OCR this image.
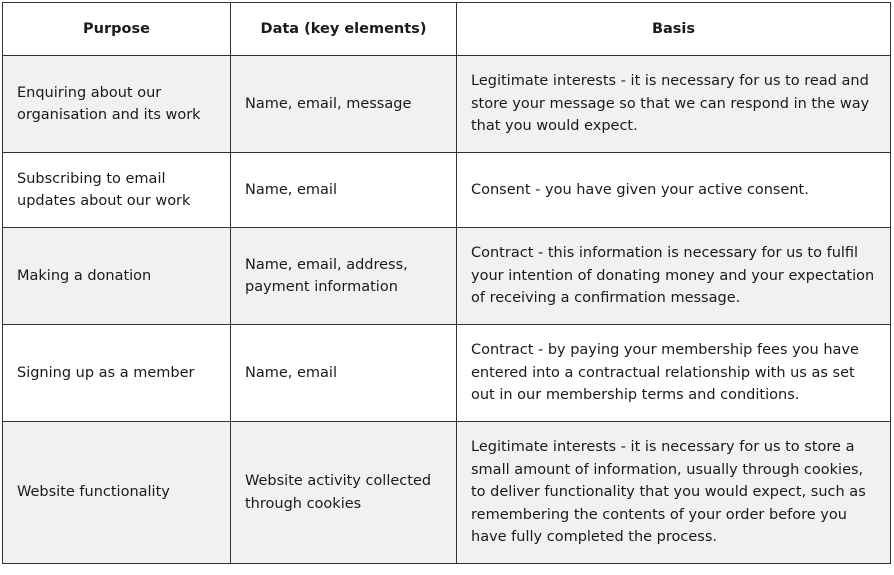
Purpose	Data (key elements)	Basis
Enquiring about our organisation and its work	Name, email, message	Legitimate interests - it is necessary for us to read and store your message so that we can respond in the way that you would expect.
Subscribing to email updates about our work	Name, email	Consent - you have given your active consent.
Making a donation	Name, email, address, payment information	Contract - this information is necessary for us to fulfil your intention of donating money and your expectation of receiving a confirmation message.
Signing up as a member	Name, email	Contract - by paying your membership fees you have entered into a contractual relationship with us as set out in our membership terms and conditions.
Website functionality	Website activity collected through cookies	Legitimate interests - it is necessary for us to store a small amount of information, usually through cookies, to deliver functionality that you would expect, such as remembering the contents of your order before you have fully completed the process.
